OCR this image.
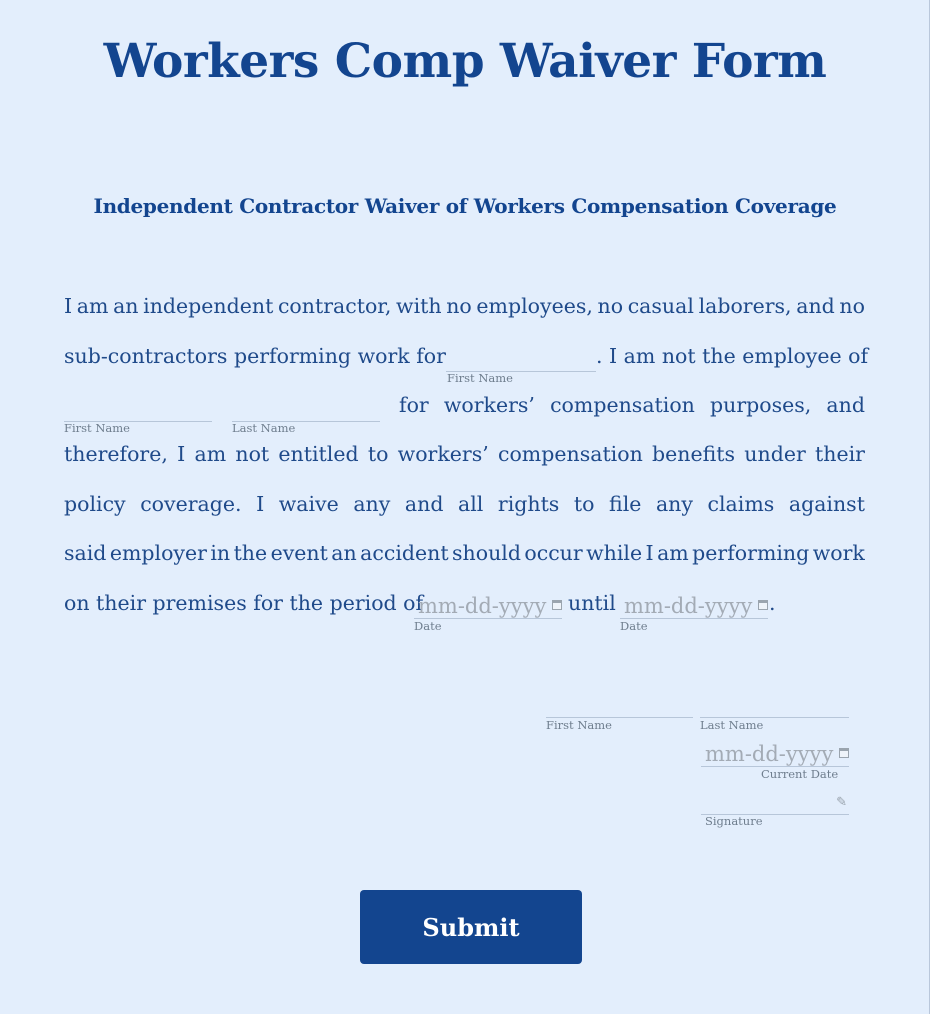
Workers Comp Waiver Form
Independent Contractor Waiver of Workers Compensation Coverage
I am an independent contractor, with no employees, no casual laborers, and no
sub-contractors performing work for
First Name
. I am not the employee of
First Name	Last Name
for workers’ compensation purposes, and
therefore, I am not entitled to workers’ compensation benefits under their
policy coverage. I waive any and all rights to file any claims against
said employer in the event an accident should occur while I am performing work
on their premises for the period of
mm-dd-yyyy
Date
until mm-dd-yyyy
Date
.
First Name	Last Name
mm-dd-yyyy
Current Date
✎
Signature
Submit
